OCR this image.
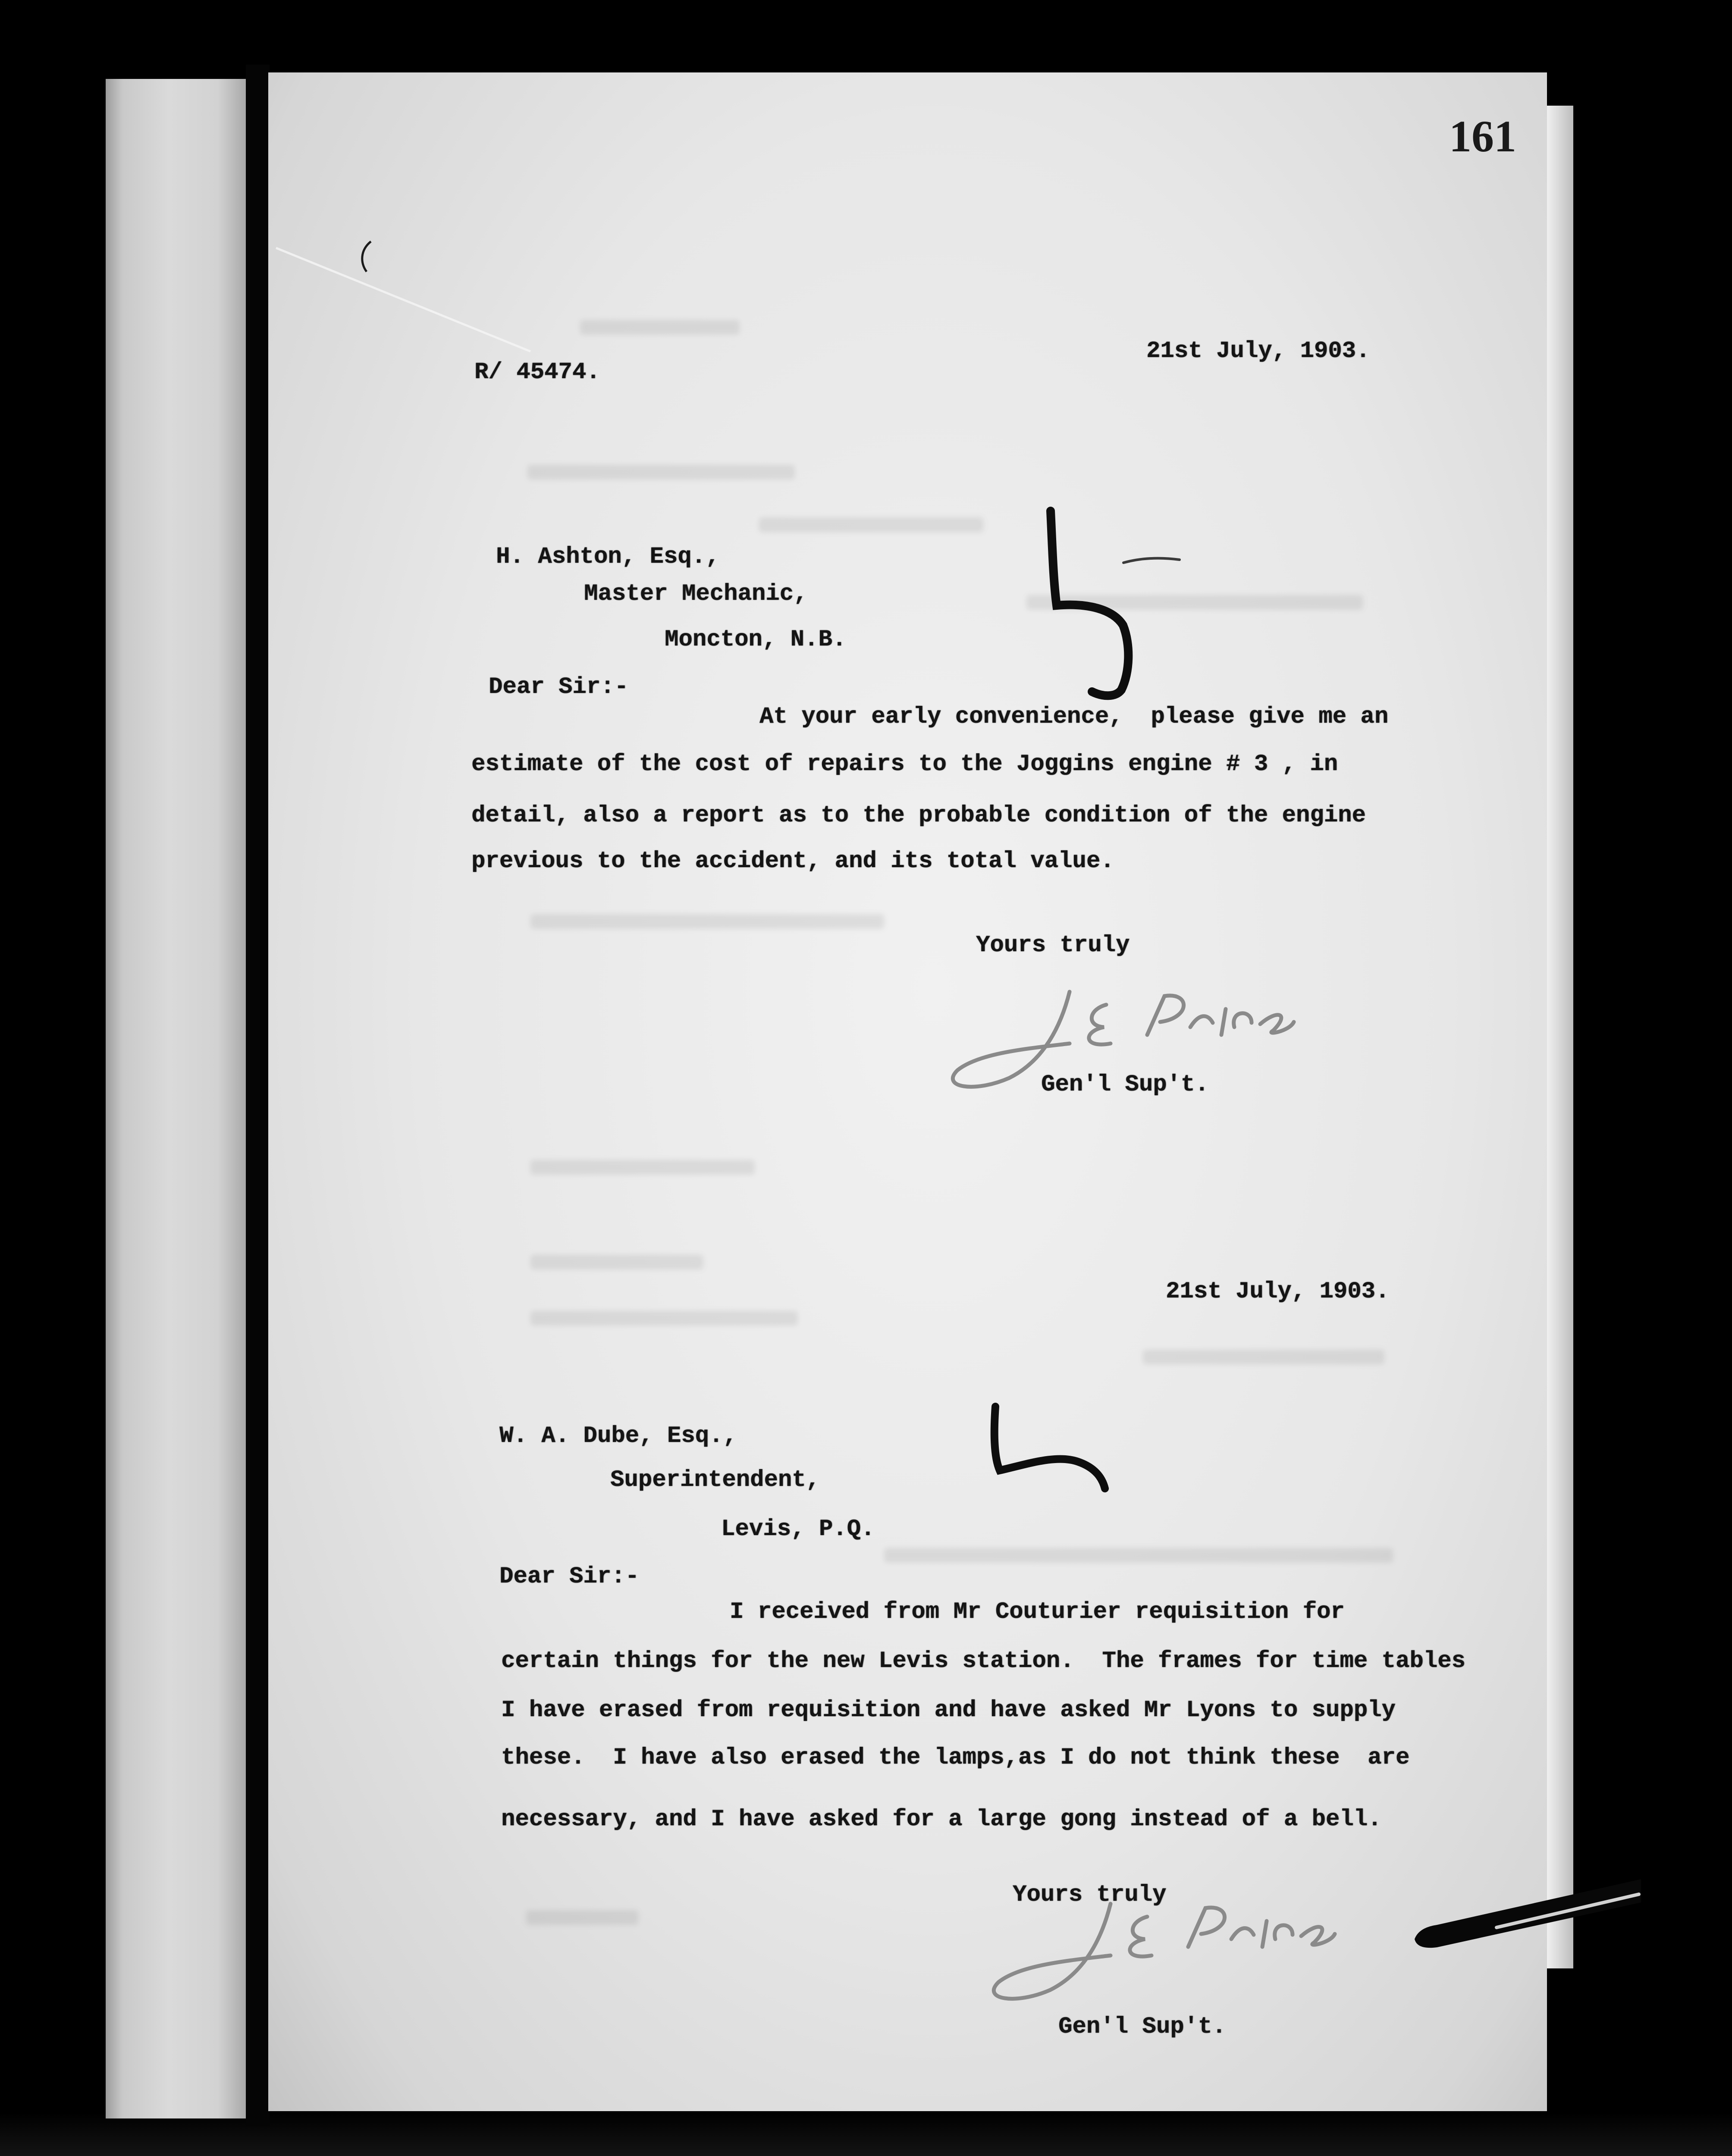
161
R/ 45474.
21st July, 1903.
H. Ashton, Esq.,
Master Mechanic,
Moncton, N.B.
Dear Sir:-
At your early convenience,  please give me an
estimate of the cost of repairs to the Joggins engine # 3 , in
detail, also a report as to the probable condition of the engine
previous to the accident, and its total value.
Yours truly
Gen'l Sup't.
21st July, 1903.
W. A. Dube, Esq.,
Superintendent,
Levis, P.Q.
Dear Sir:-
I received from Mr Couturier requisition for
certain things for the new Levis station.  The frames for time tables
I have erased from requisition and have asked Mr Lyons to supply
these.  I have also erased the lamps,as I do not think these  are
necessary, and I have asked for a large gong instead of a bell.
Yours truly
Gen'l Sup't.
